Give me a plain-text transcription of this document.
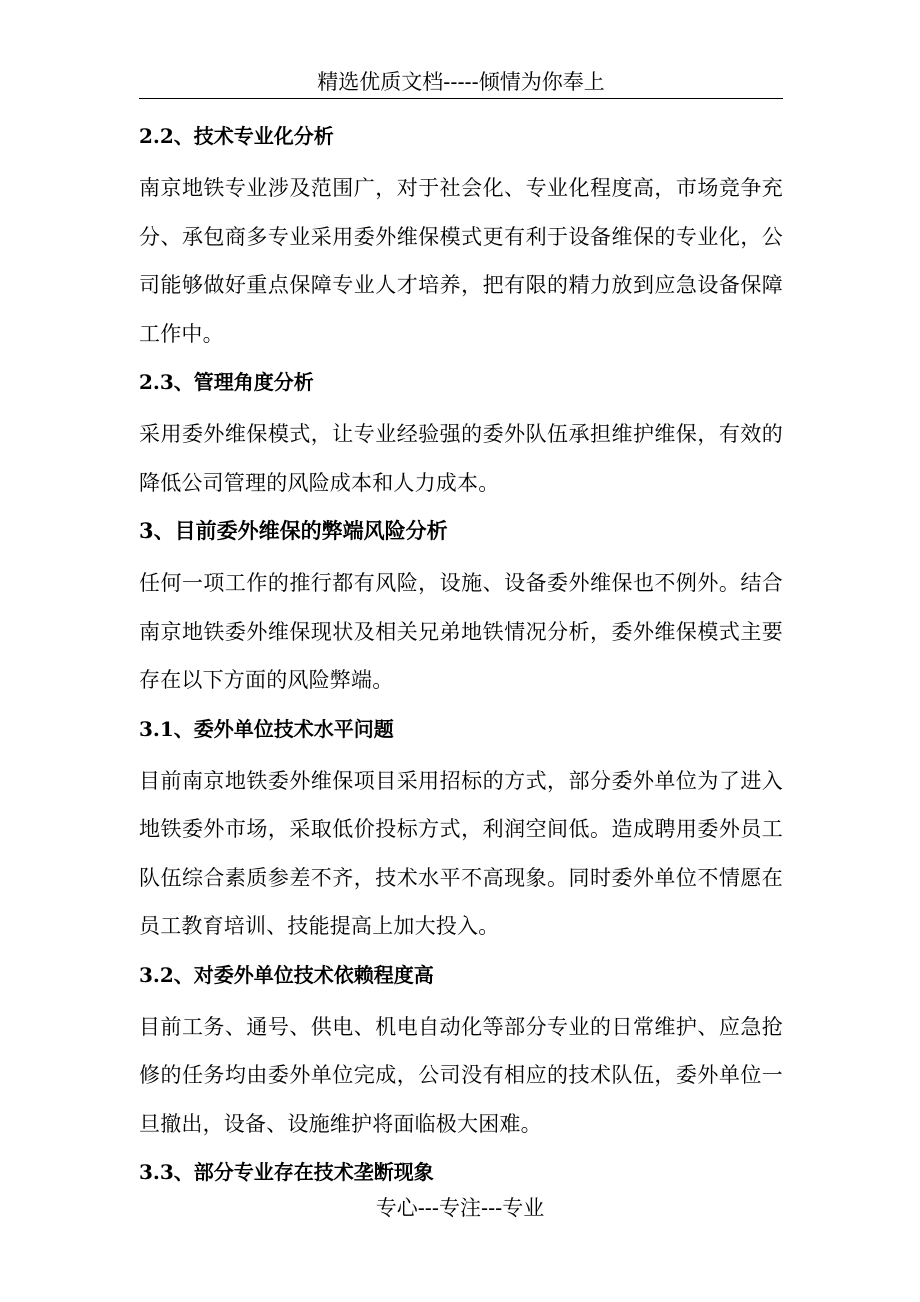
精选优质文档-----倾情为你奉上
2.2、技术专业化分析

南京地铁专业涉及范围广，对于社会化、专业化程度高，市场竞争充分、承包商多专业采用委外维保模式更有利于设备维保的专业化，公司能够做好重点保障专业人才培养，把有限的精力放到应急设备保障工作中。

2.3、管理角度分析

采用委外维保模式，让专业经验强的委外队伍承担维护维保，有效的降低公司管理的风险成本和人力成本。

3、目前委外维保的弊端风险分析

任何一项工作的推行都有风险，设施、设备委外维保也不例外。结合南京地铁委外维保现状及相关兄弟地铁情况分析，委外维保模式主要存在以下方面的风险弊端。

3.1、委外单位技术水平问题

目前南京地铁委外维保项目采用招标的方式，部分委外单位为了进入地铁委外市场，采取低价投标方式，利润空间低。造成聘用委外员工队伍综合素质参差不齐，技术水平不高现象。同时委外单位不情愿在员工教育培训、技能提高上加大投入。

3.2、对委外单位技术依赖程度高

目前工务、通号、供电、机电自动化等部分专业的日常维护、应急抢修的任务均由委外单位完成，公司没有相应的技术队伍，委外单位一旦撤出，设备、设施维护将面临极大困难。

3.3、部分专业存在技术垄断现象
专心---专注---专业
